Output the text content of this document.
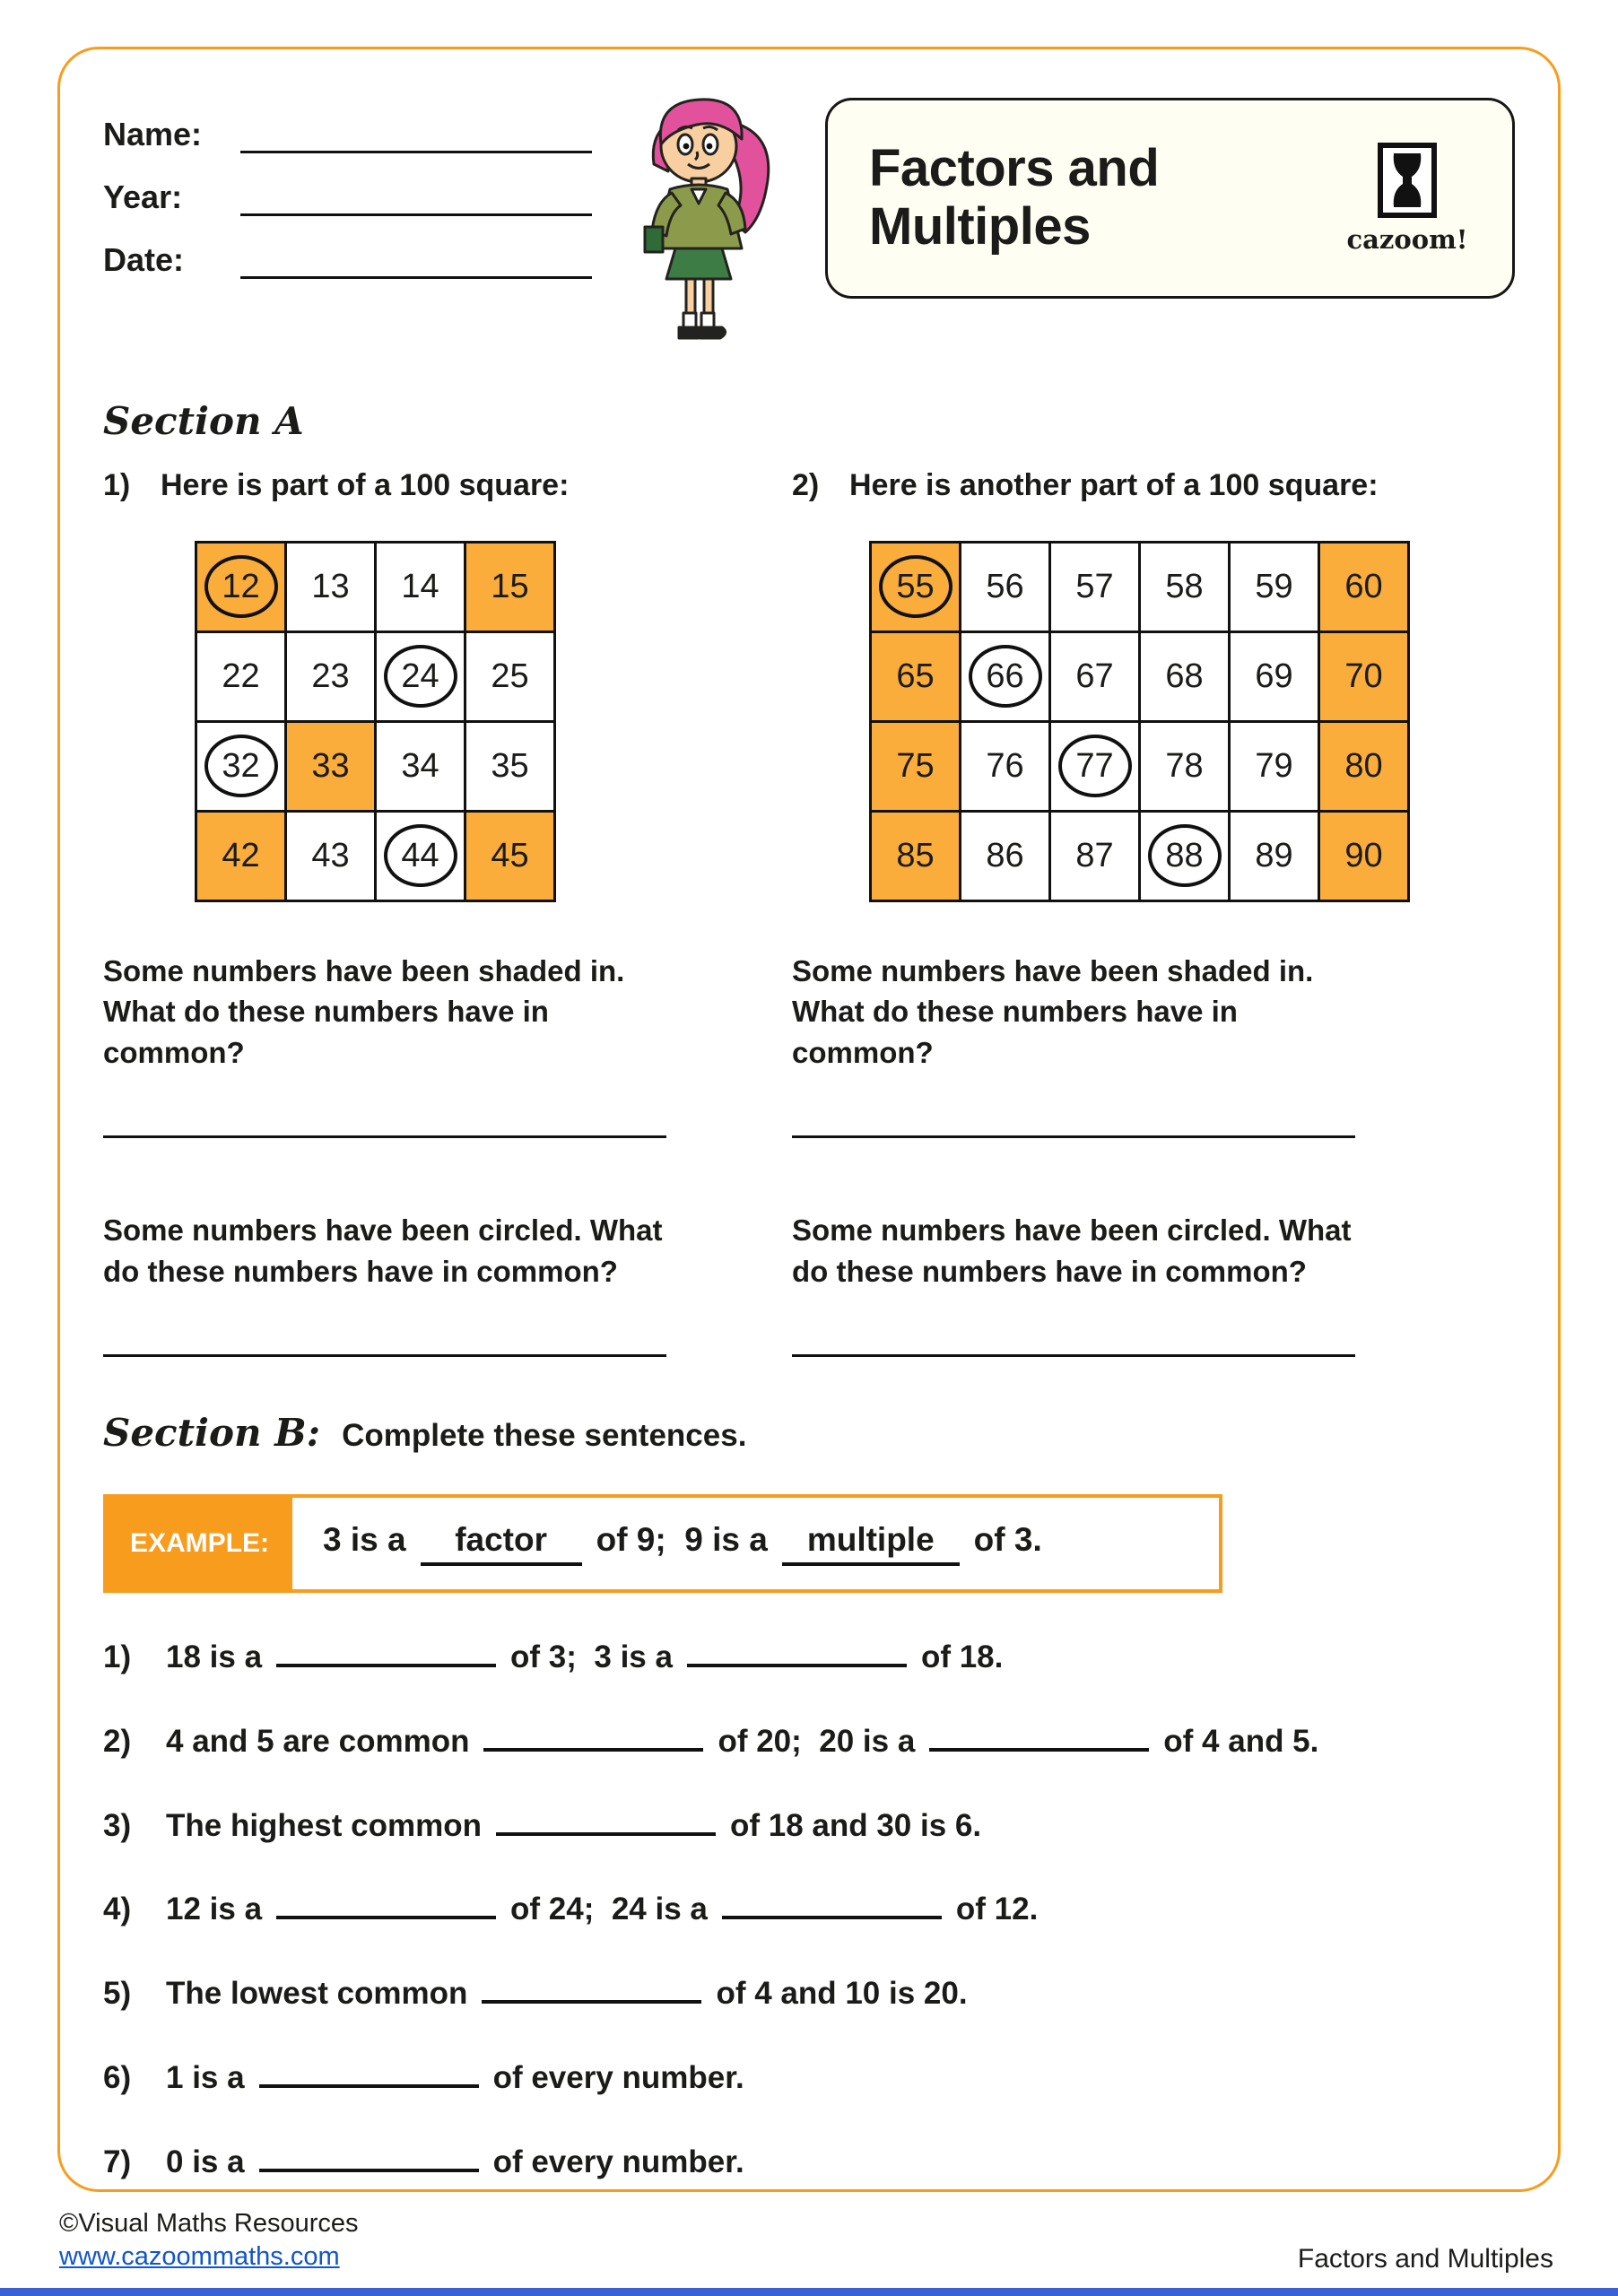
Name:
Year:
Date:
Factors and Multiples	cazoom!
Section A
1) Here is part of a 100 square:
12 13 14 15
22 23 24 25
32 33 34 35
42 43 44 45

Some numbers have been shaded in. What do these numbers have in common?

Some numbers have been circled. What do these numbers have in common?

2) Here is another part of a 100 square:
55 56 57 58 59 60
65 66 67 68 69 70
75 76 77 78 79 80
85 86 87 88 89 90

Some numbers have been shaded in. What do these numbers have in common?

Some numbers have been circled. What do these numbers have in common?

Section B: Complete these sentences.
EXAMPLE:	3 is a factor of 9;  9 is a multiple of 3.
1)	18 is a	of 3;  3 is a	of 18.
2)	4 and 5 are common	of 20;  20 is a	of 4 and 5.
3)	The highest common	of 18 and 30 is 6.
4)	12 is a	of 24;  24 is a	of 12.
5)	The lowest common	of 4 and 10 is 20.
6)	1 is a	of every number.
7)	0 is a	of every number.
©Visual Maths Resources
www.cazoommaths.com	Factors and Multiples
